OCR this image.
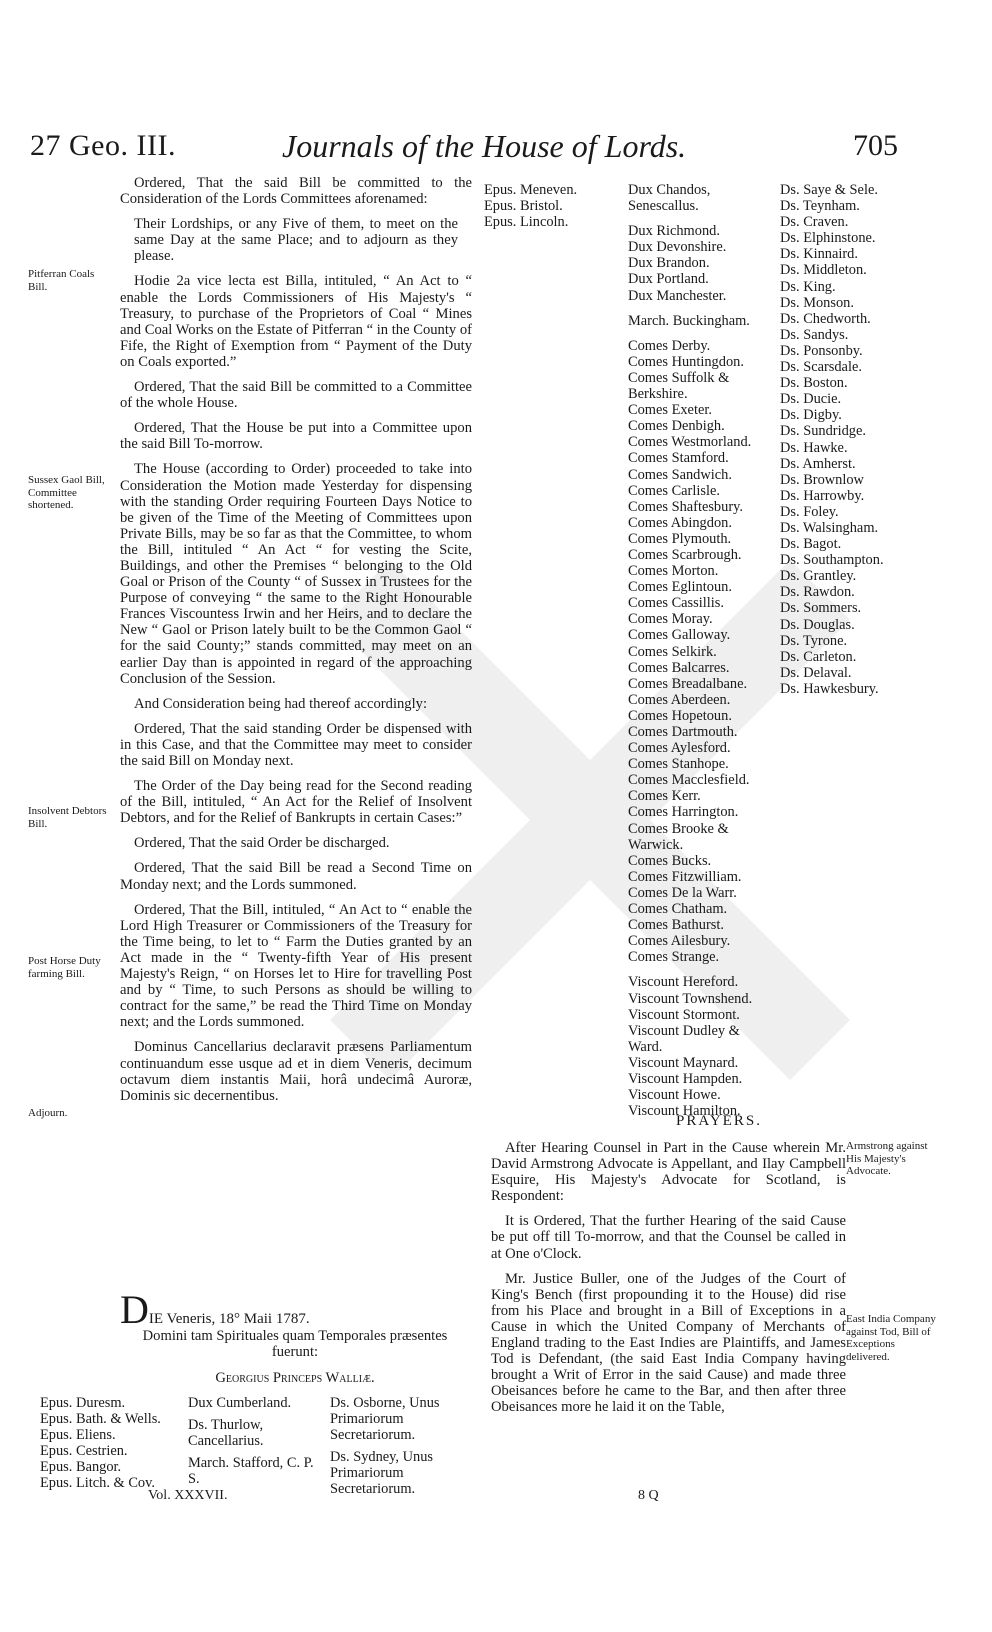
27 Geo. III.	Journals of the House of Lords.	705
Pitferran Coals Bill.
Sussex Gaol Bill, Committee shortened.
Insolvent Debtors Bill.
Post Horse Duty farming Bill.
Adjourn.

Ordered, That the said Bill be committed to the Consideration of the Lords Committees aforenamed:

Their Lordships, or any Five of them, to meet on the same Day at the same Place; and to adjourn as they please.

Hodie 2a vice lecta est Billa, intituled, “ An Act to “ enable the Lords Commissioners of His Majesty's “ Treasury, to purchase of the Proprietors of Coal “ Mines and Coal Works on the Estate of Pitferran “ in the County of Fife, the Right of Exemption from “ Payment of the Duty on Coals exported.”

Ordered, That the said Bill be committed to a Committee of the whole House.

Ordered, That the House be put into a Committee upon the said Bill To-morrow.

The House (according to Order) proceeded to take into Consideration the Motion made Yesterday for dispensing with the standing Order requiring Fourteen Days Notice to be given of the Time of the Meeting of Committees upon Private Bills, may be so far as that the Committee, to whom the Bill, intituled “ An Act “ for vesting the Scite, Buildings, and other the Premises “ belonging to the Old Goal or Prison of the County “ of Sussex in Trustees for the Purpose of conveying “ the same to the Right Honourable Frances Viscountess Irwin and her Heirs, and to declare the New “ Gaol or Prison lately built to be the Common Gaol “ for the said County;” stands committed, may meet on an earlier Day than is appointed in regard of the approaching Conclusion of the Session.

And Consideration being had thereof accordingly:

Ordered, That the said standing Order be dispensed with in this Case, and that the Committee may meet to consider the said Bill on Monday next.

The Order of the Day being read for the Second reading of the Bill, intituled, “ An Act for the Relief of Insolvent Debtors, and for the Relief of Bankrupts in certain Cases:”

Ordered, That the said Order be discharged.

Ordered, That the said Bill be read a Second Time on Monday next; and the Lords summoned.

Ordered, That the Bill, intituled, “ An Act to “ enable the Lord High Treasurer or Commissioners of the Treasury for the Time being, to let to “ Farm the Duties granted by an Act made in the “ Twenty-fifth Year of His present Majesty's Reign, “ on Horses let to Hire for travelling Post and by “ Time, to such Persons as should be willing to contract for the same,” be read the Third Time on Monday next; and the Lords summoned.

Dominus Cancellarius declaravit præsens Parliamentum continuandum esse usque ad et in diem Veneris, decimum octavum diem instantis Maii, horâ undecimâ Auroræ, Dominis sic decernentibus.

DIE Veneris, 18° Maii 1787.
Domini tam Spirituales quam Temporales præsentes fuerunt:
Georgius Princeps Walliæ.
Epus. Duresm.
Epus. Bath. & Wells.
Epus. Eliens.
Epus. Cestrien.
Epus. Bangor.
Epus. Litch. & Cov.
Dux Cumberland.
Ds. Thurlow, Cancellarius.
March. Stafford, C. P. S.
Ds. Osborne, Unus Primariorum Secretariorum.
Ds. Sydney, Unus Primariorum Secretariorum.
Vol. XXXVII.
Epus. Meneven.
Epus. Bristol.
Epus. Lincoln.
Dux Chandos, Senescallus.
Dux Richmond.
Dux Devonshire.
Dux Brandon.
Dux Portland.
Dux Manchester.
March. Buckingham.
Comes Derby.
Comes Huntingdon.
Comes Suffolk &
Berkshire.
Comes Exeter.
Comes Denbigh.
Comes Westmorland.
Comes Stamford.
Comes Sandwich.
Comes Carlisle.
Comes Shaftesbury.
Comes Abingdon.
Comes Plymouth.
Comes Scarbrough.
Comes Morton.
Comes Eglintoun.
Comes Cassillis.
Comes Moray.
Comes Galloway.
Comes Selkirk.
Comes Balcarres.
Comes Breadalbane.
Comes Aberdeen.
Comes Hopetoun.
Comes Dartmouth.
Comes Aylesford.
Comes Stanhope.
Comes Macclesfield.
Comes Kerr.
Comes Harrington.
Comes Brooke &
Warwick.
Comes Bucks.
Comes Fitzwilliam.
Comes De la Warr.
Comes Chatham.
Comes Bathurst.
Comes Ailesbury.
Comes Strange.
Viscount Hereford.
Viscount Townshend.
Viscount Stormont.
Viscount Dudley &
Ward.
Viscount Maynard.
Viscount Hampden.
Viscount Howe.
Viscount Hamilton.
Ds. Saye & Sele.
Ds. Teynham.
Ds. Craven.
Ds. Elphinstone.
Ds. Kinnaird.
Ds. Middleton.
Ds. King.
Ds. Monson.
Ds. Chedworth.
Ds. Sandys.
Ds. Ponsonby.
Ds. Scarsdale.
Ds. Boston.
Ds. Ducie.
Ds. Digby.
Ds. Sundridge.
Ds. Hawke.
Ds. Amherst.
Ds. Brownlow
Ds. Harrowby.
Ds. Foley.
Ds. Walsingham.
Ds. Bagot.
Ds. Southampton.
Ds. Grantley.
Ds. Rawdon.
Ds. Sommers.
Ds. Douglas.
Ds. Tyrone.
Ds. Carleton.
Ds. Delaval.
Ds. Hawkesbury.
PRAYERS.

After Hearing Counsel in Part in the Cause wherein Mr. David Armstrong Advocate is Appellant, and Ilay Campbell Esquire, His Majesty's Advocate for Scotland, is Respondent:

It is Ordered, That the further Hearing of the said Cause be put off till To-morrow, and that the Counsel be called in at One o'Clock.

Mr. Justice Buller, one of the Judges of the Court of King's Bench (first propounding it to the House) did rise from his Place and brought in a Bill of Exceptions in a Cause in which the United Company of Merchants of England trading to the East Indies are Plaintiffs, and James Tod is Defendant, (the said East India Company having brought a Writ of Error in the said Cause) and made three Obeisances before he came to the Bar, and then after three Obeisances more he laid it on the Table,

Armstrong against His Majesty's Advocate.
East India Company against Tod, Bill of Exceptions delivered.
8 Q
